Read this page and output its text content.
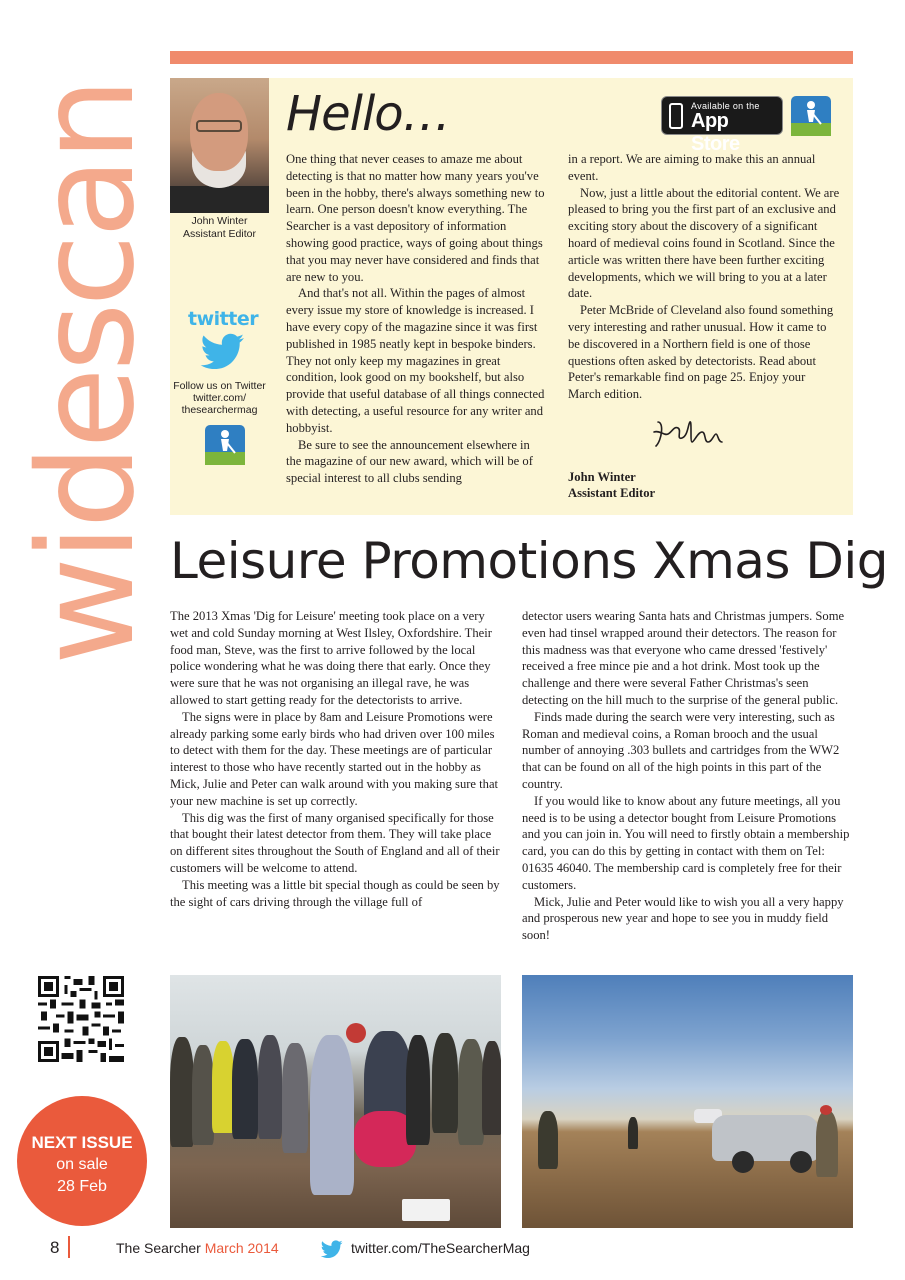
widescan	John Winter
Assistant Editor
twitter
Follow us on Twitter
twitter.com/
thesearchermag
Hello…	Available on the
App Store

One thing that never ceases to amaze me about detecting is that no matter how many years you've been in the hobby, there's always something new to learn. One person doesn't know everything. The Searcher is a vast depository of information showing good practice, ways of going about things that you may never have considered and finds that are new to you.

And that's not all. Within the pages of almost every issue my store of knowledge is increased. I have every copy of the magazine since it was first published in 1985 neatly kept in bespoke binders. They not only keep my magazines in great condition, look good on my bookshelf, but also provide that useful database of all things connected with detecting, a useful resource for any writer and hobbyist.

Be sure to see the announcement elsewhere in the magazine of our new award, which will be of special interest to all clubs sending

in a report. We are aiming to make this an annual event.

Now, just a little about the editorial content. We are pleased to bring you the first part of an exclusive and exciting story about the discovery of a significant hoard of medieval coins found in Scotland. Since the article was written there have been further exciting developments, which we will bring to you at a later date.

Peter McBride of Cleveland also found something very interesting and rather unusual. How it came to be discovered in a Northern field is one of those questions often asked by detectorists. Read about Peter's remarkable find on page 25. Enjoy your March edition.

John Winter
Assistant Editor
Leisure Promotions Xmas Dig

The 2013 Xmas 'Dig for Leisure' meeting took place on a very wet and cold Sunday morning at West Ilsley, Oxfordshire. Their food man, Steve, was the first to arrive followed by the local police wondering what he was doing there that early. Once they were sure that he was not organising an illegal rave, he was allowed to start getting ready for the detectorists to arrive.

The signs were in place by 8am and Leisure Promotions were already parking some early birds who had driven over 100 miles to detect with them for the day. These meetings are of particular interest to those who have recently started out in the hobby as Mick, Julie and Peter can walk around with you making sure that your new machine is set up correctly.

This dig was the first of many organised specifically for those that bought their latest detector from them. They will take place on different sites throughout the South of England and all of their customers will be welcome to attend.

This meeting was a little bit special though as could be seen by the sight of cars driving through the village full of

detector users wearing Santa hats and Christmas jumpers. Some even had tinsel wrapped around their detectors. The reason for this madness was that everyone who came dressed 'festively' received a free mince pie and a hot drink. Most took up the challenge and there were several Father Christmas's seen detecting on the hill much to the surprise of the general public.

Finds made during the search were very interesting, such as Roman and medieval coins, a Roman brooch and the usual number of annoying .303 bullets and cartridges from the WW2 that can be found on all of the high points in this part of the country.

If you would like to know about any future meetings, all you need is to be using a detector bought from Leisure Promotions and you can join in. You will need to firstly obtain a membership card, you can do this by getting in contact with them on Tel: 01635 46040. The membership card is completely free for their customers.

Mick, Julie and Peter would like to wish you all a very happy and prosperous new year and hope to see you in muddy field soon!

NEXT ISSUE
on sale
28 Feb
8	The Searcher March 2014	twitter.com/TheSearcherMag
